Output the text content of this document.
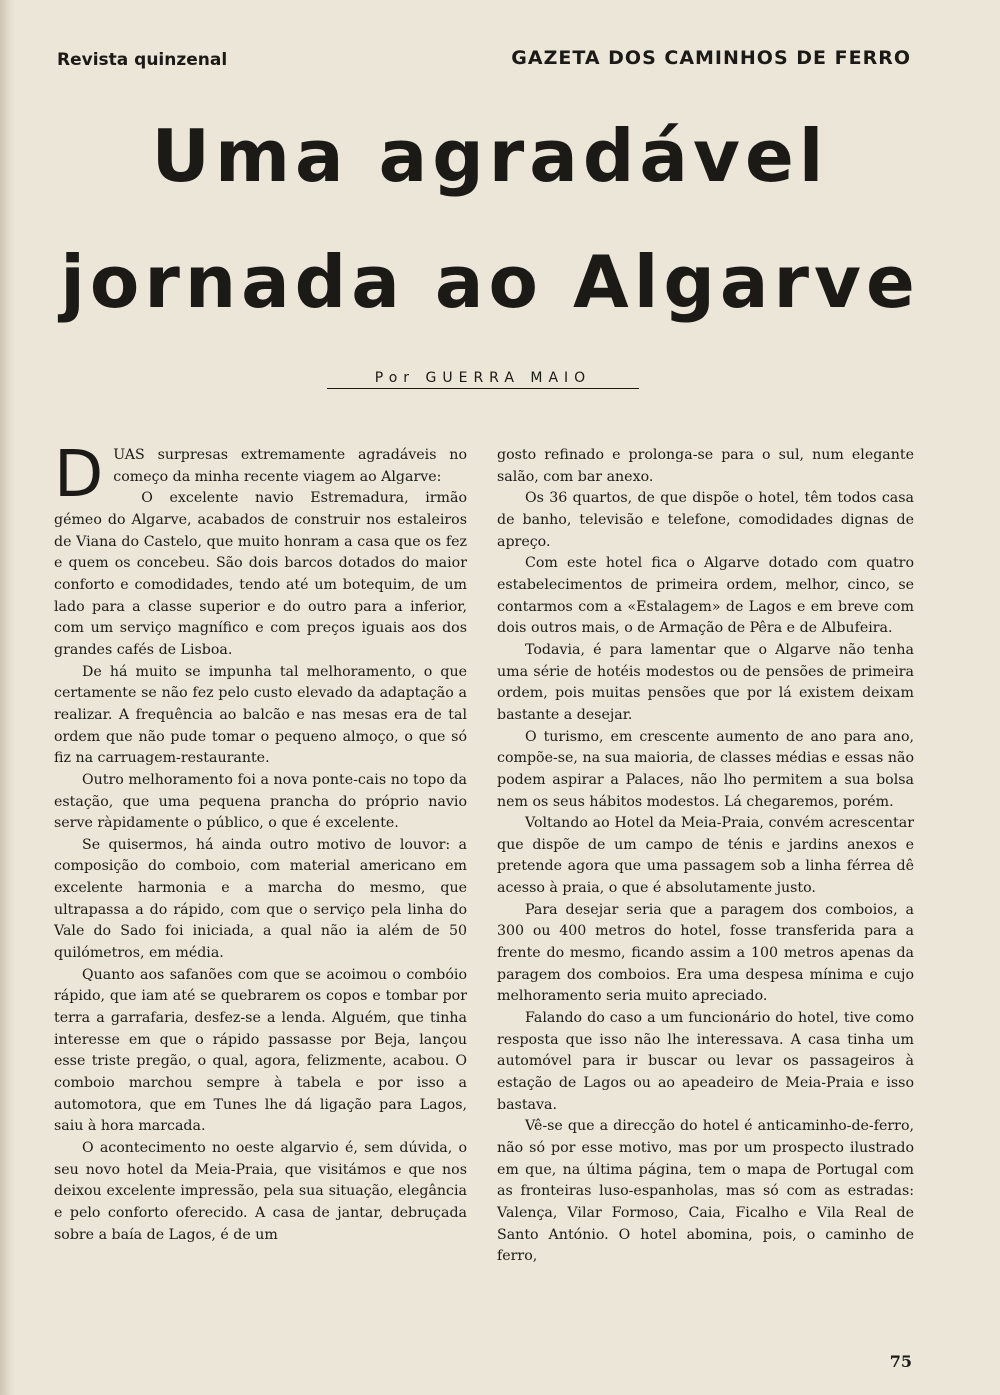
Revista quinzenal	GAZETA DOS CAMINHOS DE FERRO
Uma agradável
jornada ao Algarve
Por GUERRA MAIO

DUAS surpresas extremamente agradáveis no começo da minha recente viagem ao Algarve:

O excelente navio Estremadura, irmão gémeo do Algarve, acabados de construir nos estaleiros de Viana do Castelo, que muito honram a casa que os fez e quem os concebeu. São dois barcos dotados do maior conforto e comodidades, tendo até um botequim, de um lado para a classe superior e do outro para a inferior, com um serviço magnífico e com preços iguais aos dos grandes cafés de Lisboa.

De há muito se impunha tal melhoramento, o que certamente se não fez pelo custo elevado da adaptação a realizar. A frequência ao balcão e nas mesas era de tal ordem que não pude tomar o pequeno almoço, o que só fiz na carruagem-restaurante.

Outro melhoramento foi a nova ponte-cais no topo da estação, que uma pequena prancha do próprio navio serve ràpidamente o público, o que é excelente.

Se quisermos, há ainda outro motivo de louvor: a composição do comboio, com material americano em excelente harmonia e a marcha do mesmo, que ultrapassa a do rápido, com que o serviço pela linha do Vale do Sado foi iniciada, a qual não ia além de 50 quilómetros, em média.

Quanto aos safanões com que se acoimou o combóio rápido, que iam até se quebrarem os copos e tombar por terra a garrafaria, desfez-se a lenda. Alguém, que tinha interesse em que o rápido passasse por Beja, lançou esse triste pregão, o qual, agora, felizmente, acabou. O comboio marchou sempre à tabela e por isso a automotora, que em Tunes lhe dá ligação para Lagos, saiu à hora marcada.

O acontecimento no oeste algarvio é, sem dúvida, o seu novo hotel da Meia-Praia, que visitámos e que nos deixou excelente impressão, pela sua situação, elegância e pelo conforto oferecido. A casa de jantar, debruçada sobre a baía de Lagos, é de um

gosto refinado e prolonga-se para o sul, num elegante salão, com bar anexo.

Os 36 quartos, de que dispõe o hotel, têm todos casa de banho, televisão e telefone, comodidades dignas de apreço.

Com este hotel fica o Algarve dotado com quatro estabelecimentos de primeira ordem, melhor, cinco, se contarmos com a «Estalagem» de Lagos e em breve com dois outros mais, o de Armação de Pêra e de Albufeira.

Todavia, é para lamentar que o Algarve não tenha uma série de hotéis modestos ou de pensões de primeira ordem, pois muitas pensões que por lá existem deixam bastante a desejar.

O turismo, em crescente aumento de ano para ano, compõe-se, na sua maioria, de classes médias e essas não podem aspirar a Palaces, não lho permitem a sua bolsa nem os seus hábitos modestos. Lá chegaremos, porém.

Voltando ao Hotel da Meia-Praia, convém acrescentar que dispõe de um campo de ténis e jardins anexos e pretende agora que uma passagem sob a linha férrea dê acesso à praia, o que é absolutamente justo.

Para desejar seria que a paragem dos comboios, a 300 ou 400 metros do hotel, fosse transferida para a frente do mesmo, ficando assim a 100 metros apenas da paragem dos comboios. Era uma despesa mínima e cujo melhoramento seria muito apreciado.

Falando do caso a um funcionário do hotel, tive como resposta que isso não lhe interessava. A casa tinha um automóvel para ir buscar ou levar os passageiros à estação de Lagos ou ao apeadeiro de Meia-Praia e isso bastava.

Vê-se que a direcção do hotel é anticaminho-de-ferro, não só por esse motivo, mas por um prospecto ilustrado em que, na última página, tem o mapa de Portugal com as fronteiras luso-espanholas, mas só com as estradas: Valença, Vilar Formoso, Caia, Ficalho e Vila Real de Santo António. O hotel abomina, pois, o caminho de ferro,

75
